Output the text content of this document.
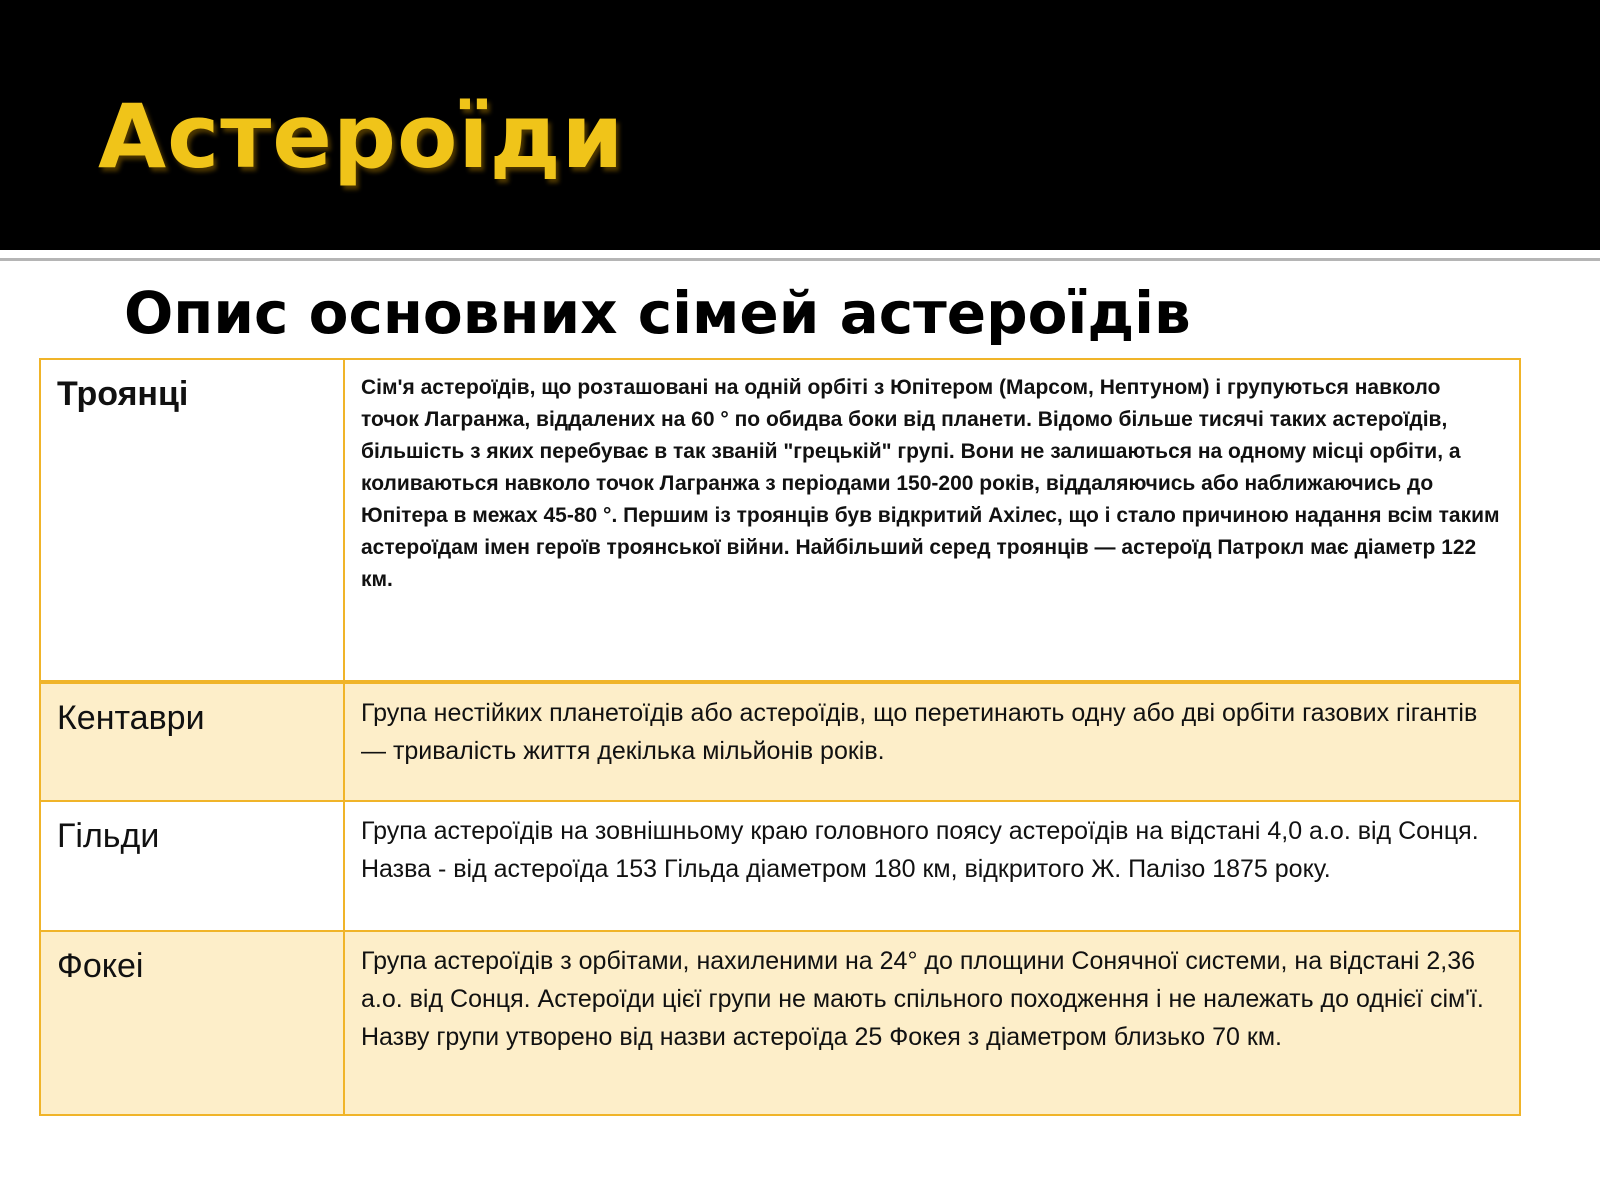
Астероїди
Опис основних сімей астероїдів
Троянці	Сім'я астероїдів, що розташовані на одній орбіті з Юпітером (Марсом, Нептуном) і групуються навколо точок Лагранжа, віддалених на 60 ° по обидва боки від планети. Відомо більше тисячі таких астероїдів, більшість з яких перебуває в так званій "грецькій" групі. Вони не залишаються на одному місці орбіти, а коливаються навколо точок Лагранжа з періодами 150-200 років, віддаляючись або наближаючись до Юпітера в межах 45-80 °. Першим із троянців був відкритий Ахілес, що і стало причиною надання всім таким астероїдам імен героїв троянської війни. Найбільший серед троянців — астероїд Патрокл має діаметр 122 км.
Кентаври	Група нестійких планетоїдів або астероїдів, що перетинають одну або дві орбіти газових гігантів — тривалість життя декілька мільйонів років.
Гільди	Група астероїдів на зовнішньому краю головного поясу астероїдів на відстані 4,0 а.о. від Сонця. Назва - від астероїда 153 Гільда діаметром 180 км, відкритого Ж. Палізо 1875 року.
Фокеі	Група астероїдів з орбітами, нахиленими на 24° до площини Сонячної системи, на відстані 2,36 а.о. від Сонця. Астероїди цієї групи не мають спільного походження і не належать до однієї сім'ї. Назву групи утворено від назви астероїда 25 Фокея з діаметром близько 70 км.
